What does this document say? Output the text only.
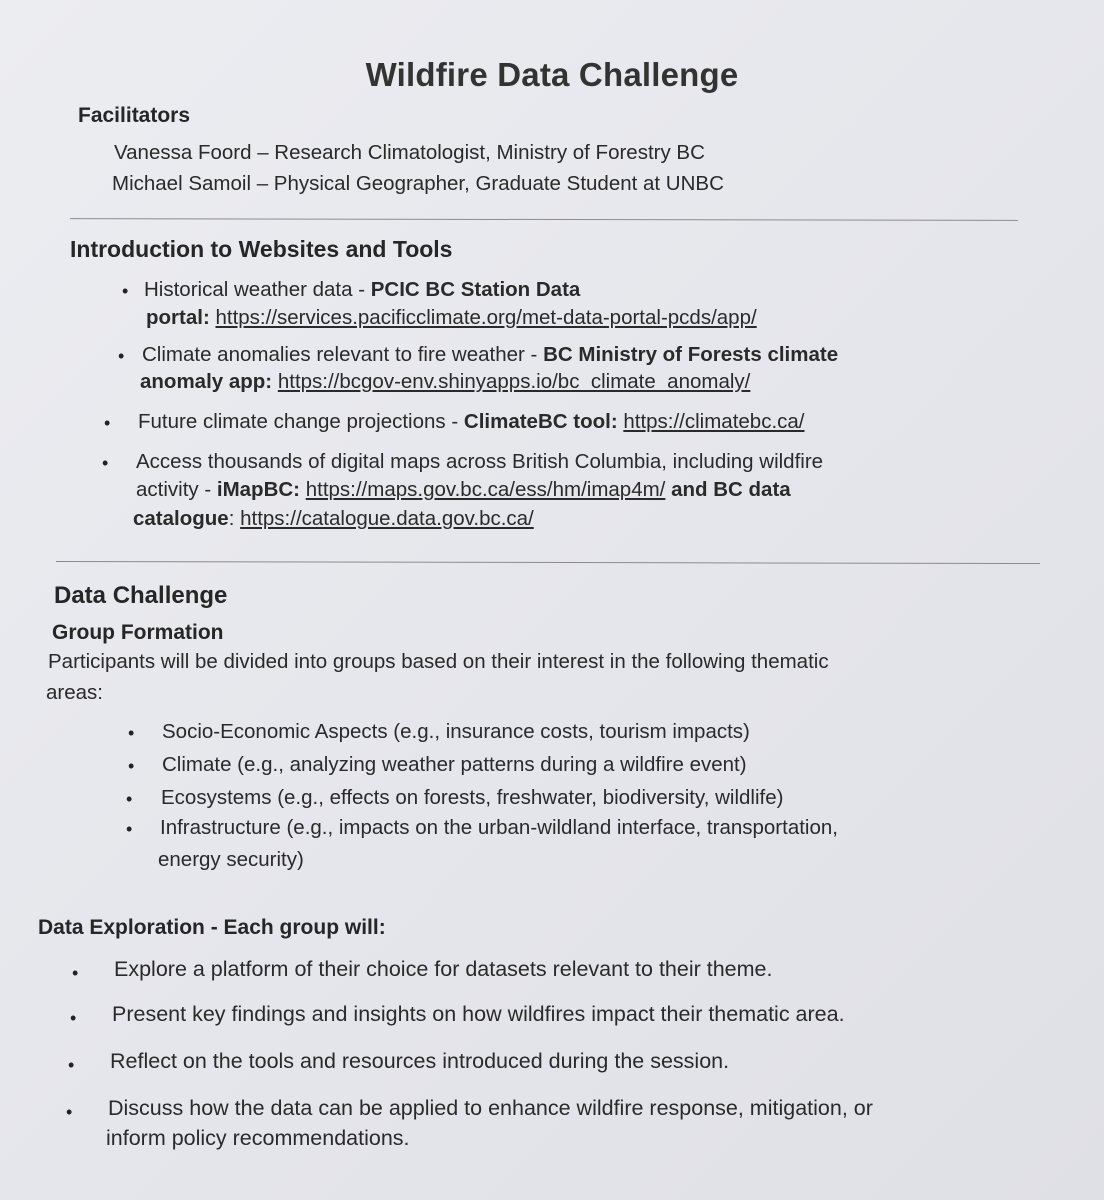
Wildfire Data Challenge
Facilitators
Vanessa Foord – Research Climatologist, Ministry of Forestry BC
Michael Samoil – Physical Geographer, Graduate Student at UNBC
Introduction to Websites and Tools
• Historical weather data - PCIC BC Station Data
portal: https://services.pacificclimate.org/met-data-portal-pcds/app/
• Climate anomalies relevant to fire weather - BC Ministry of Forests climate
anomaly app: https://bcgov-env.shinyapps.io/bc_climate_anomaly/
• Future climate change projections - ClimateBC tool: https://climatebc.ca/
• Access thousands of digital maps across British Columbia, including wildfire
activity - iMapBC: https://maps.gov.bc.ca/ess/hm/imap4m/ and BC data
catalogue: https://catalogue.data.gov.bc.ca/
Data Challenge
Group Formation
Participants will be divided into groups based on their interest in the following thematic
areas:
• Socio-Economic Aspects (e.g., insurance costs, tourism impacts)
• Climate (e.g., analyzing weather patterns during a wildfire event)
• Ecosystems (e.g., effects on forests, freshwater, biodiversity, wildlife)
• Infrastructure (e.g., impacts on the urban-wildland interface, transportation,
energy security)
Data Exploration - Each group will:
• Explore a platform of their choice for datasets relevant to their theme.
• Present key findings and insights on how wildfires impact their thematic area.
• Reflect on the tools and resources introduced during the session.
• Discuss how the data can be applied to enhance wildfire response, mitigation, or
inform policy recommendations.
